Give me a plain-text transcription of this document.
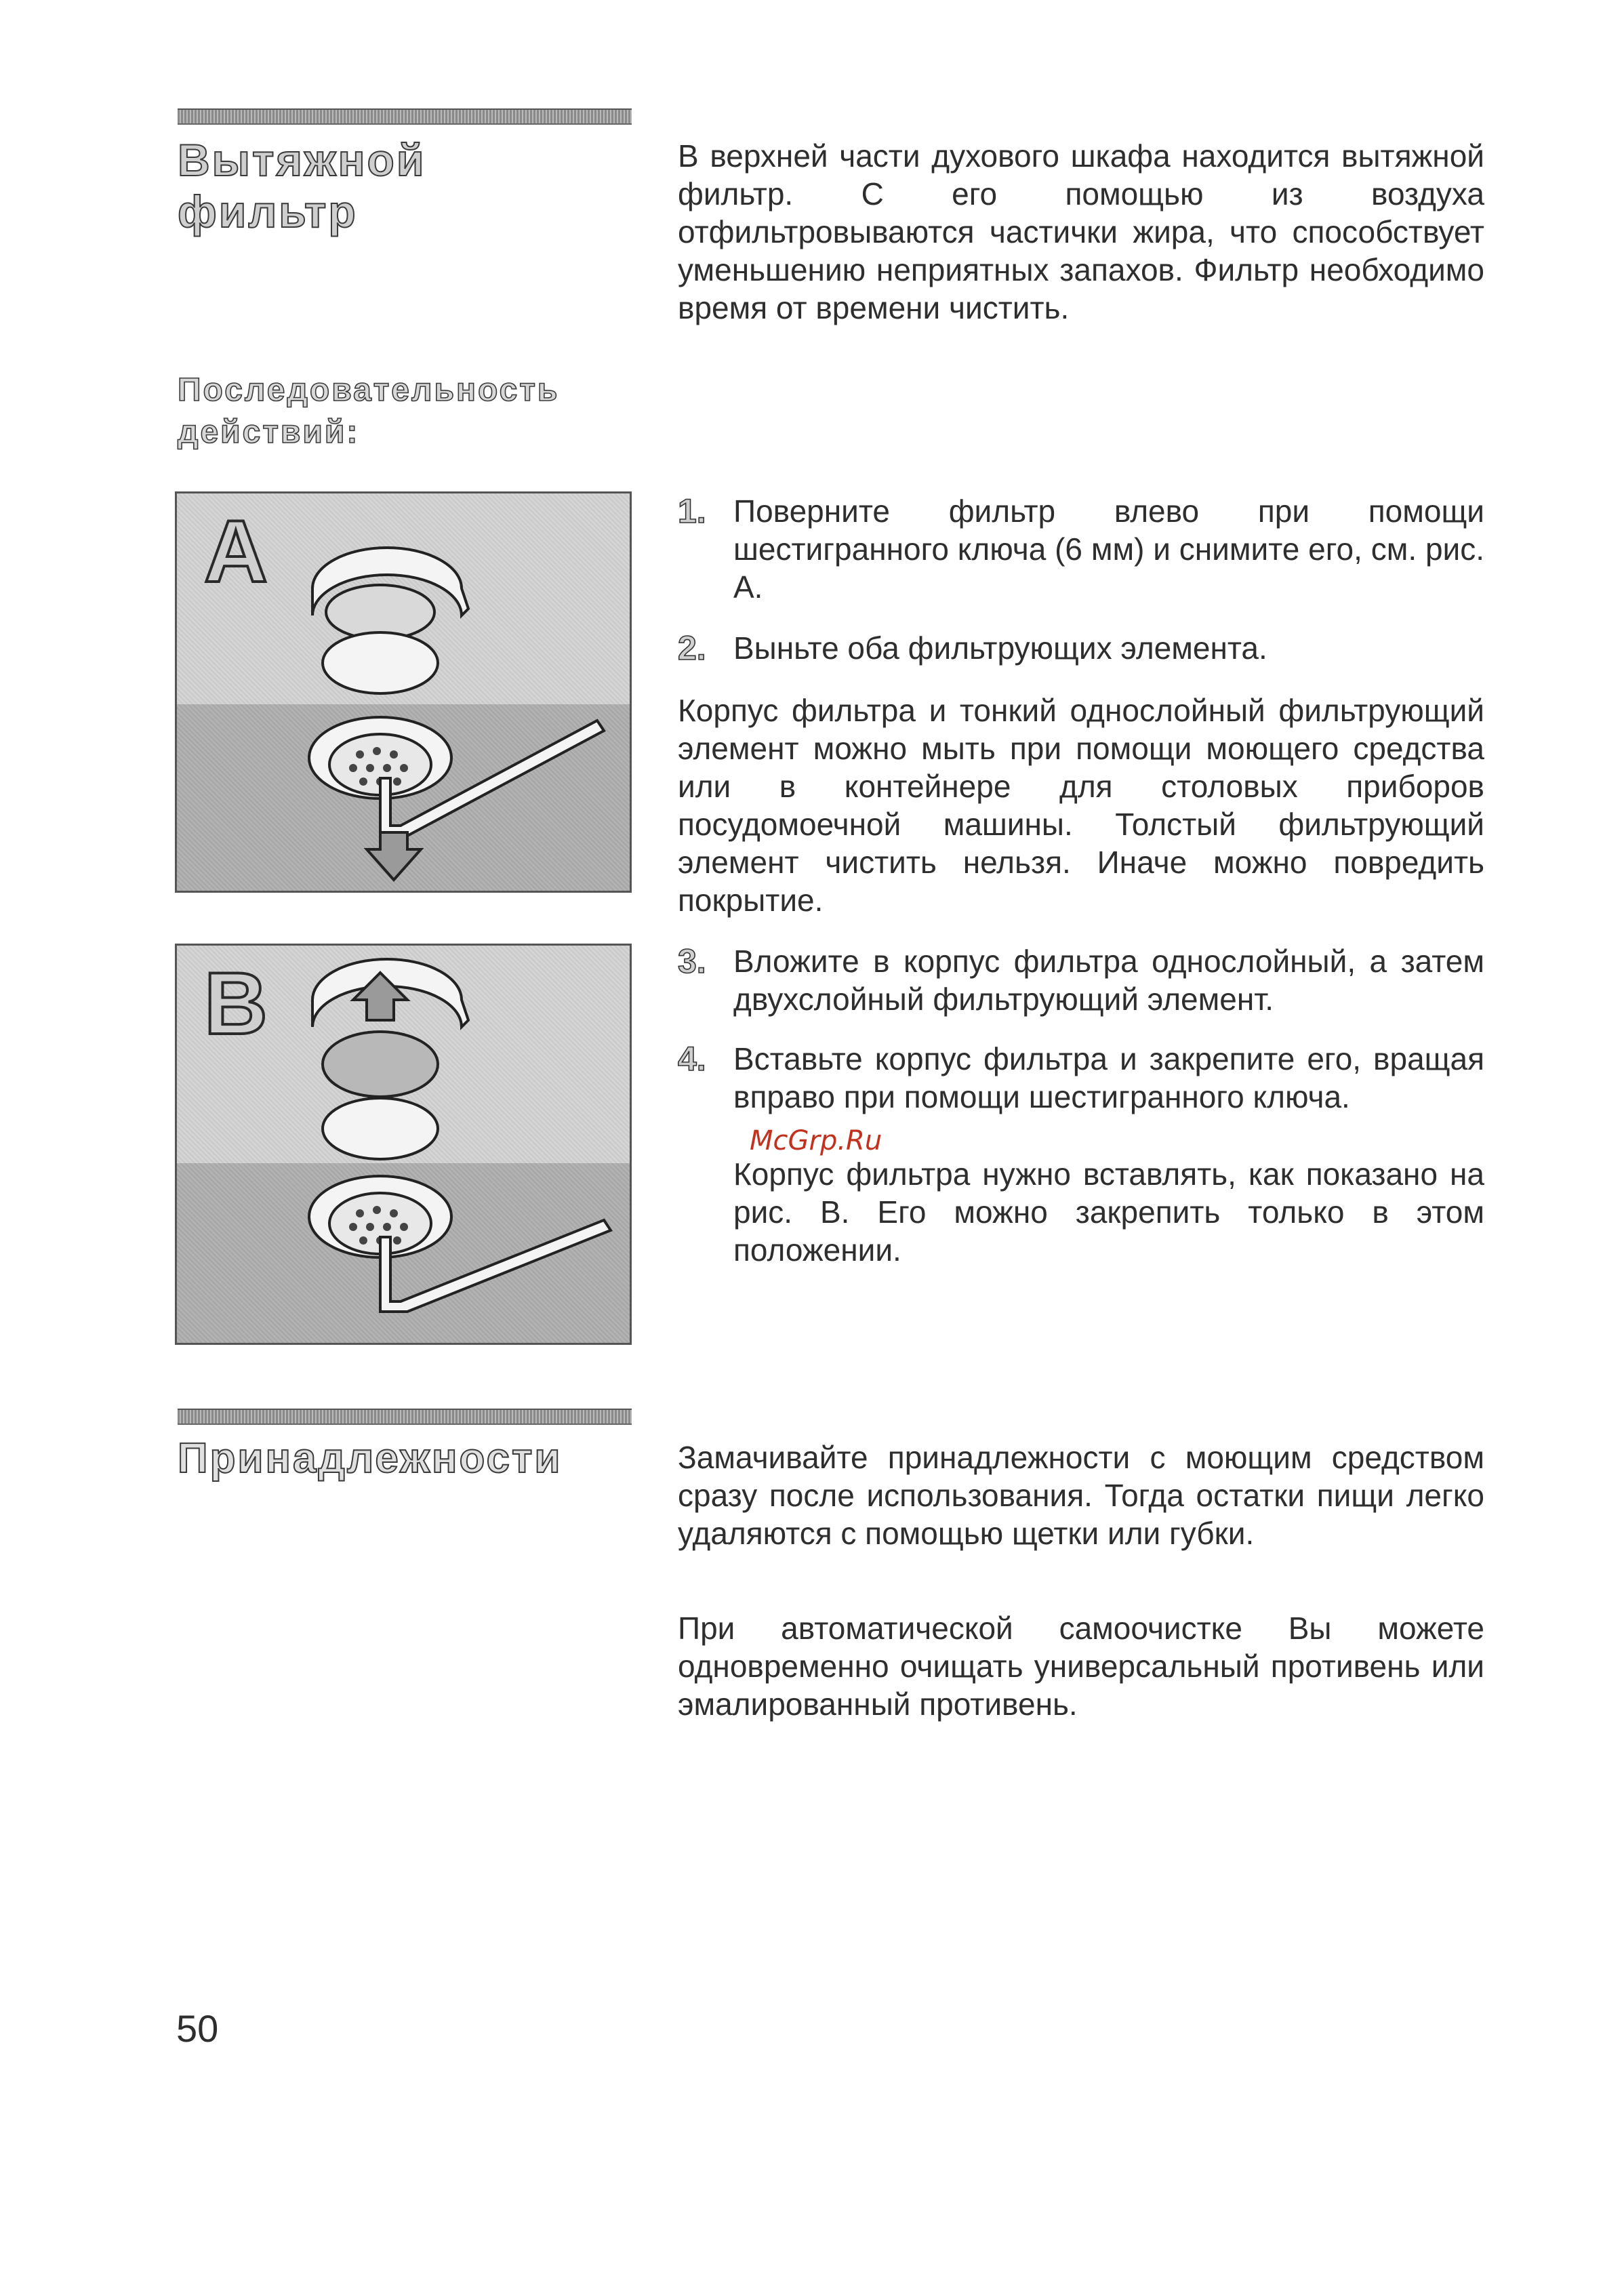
Вытяжной
фильтр

В верхней части духового шкафа находится вытяжной фильтр. С его помощью из воздуха отфильтровываются частички жира, что способствует уменьшению неприятных запахов. Фильтр необходимо время от времени чистить.

Последовательность
действий:
A
B
1. Поверните фильтр влево при помощи шестигранного ключа (6 мм) и снимите его, см. рис. А.
2. Выньте оба фильтрующих элемента.

Корпус фильтра и тонкий однослойный фильтрующий элемент можно мыть при помощи моющего средства или в контейнере для столовых приборов посудомоечной машины. Толстый фильтрующий элемент чистить нельзя. Иначе можно повредить покрытие.

3. Вложите в корпус фильтра однослойный, а затем двухслойный фильтрующий элемент.
4. Вставьте корпус фильтра и закрепите его, вращая вправо при помощи шестигранного ключа.

Корпус фильтра нужно вставлять, как показано на рис. В. Его можно закрепить только в этом положении.

McGrp.Ru
Принадлежности	Замачивайте принадлежности с моющим средством сразу после использования. Тогда остатки пищи легко удаляются с помощью щетки или губки.

При автоматической самоочистке Вы можете одновременно очищать универсальный противень или эмалированный противень.

50
